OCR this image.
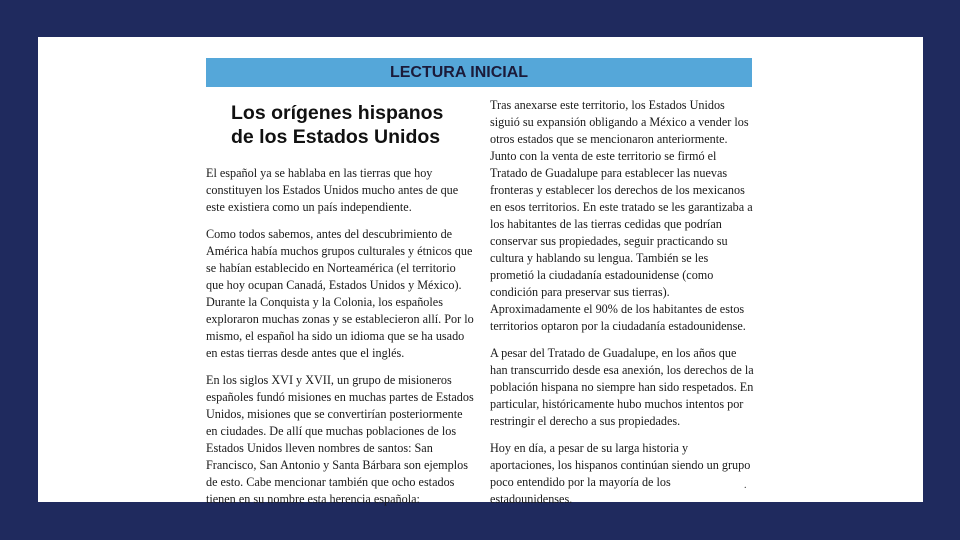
LECTURA INICIAL
Los orígenes hispanos
de los Estados Unidos

El español ya se hablaba en las tierras que hoy constituyen los Estados Unidos mucho antes de que este existiera como un país independiente.

Como todos sabemos, antes del descubrimiento de América había muchos grupos culturales y étnicos que se habían establecido en Norteamérica (el territorio que hoy ocupan Canadá, Estados Unidos y México). Durante la Conquista y la Colonia, los españoles exploraron muchas zonas y se establecieron allí. Por lo mismo, el español ha sido un idioma que se ha usado en estas tierras desde antes que el inglés.

En los siglos XVI y XVII, un grupo de misioneros españoles fundó misiones en muchas partes de Estados Unidos, misiones que se convertirían posteriormente en ciudades. De allí que muchas poblaciones de los Estados Unidos lleven nombres de santos: San Francisco, San Antonio y Santa Bárbara son ejemplos de esto. Cabe mencionar también que ocho estados tienen en su nombre esta herencia española:

Tras anexarse este territorio, los Estados Unidos siguió su expansión obligando a México a vender los otros estados que se mencionaron anteriormente. Junto con la venta de este territorio se firmó el Tratado de Guadalupe para establecer las nuevas fronteras y establecer los derechos de los mexicanos en esos territorios. En este tratado se les garantizaba a los habitantes de las tierras cedidas que podrían conservar sus propiedades, seguir practicando su cultura y hablando su lengua. También se les prometió la ciudadanía estadounidense (como condición para preservar sus tierras). Aproximadamente el 90% de los habitantes de estos territorios optaron por la ciudadanía estadounidense.

A pesar del Tratado de Guadalupe, en los años que han transcurrido desde esa anexión, los derechos de la población hispana no siempre han sido respetados. En particular, históricamente hubo muchos intentos por restringir el derecho a sus propiedades.

Hoy en día, a pesar de su larga historia y aportaciones, los hispanos continúan siendo un grupo poco entendido por la mayoría de los estadounidenses.

.
